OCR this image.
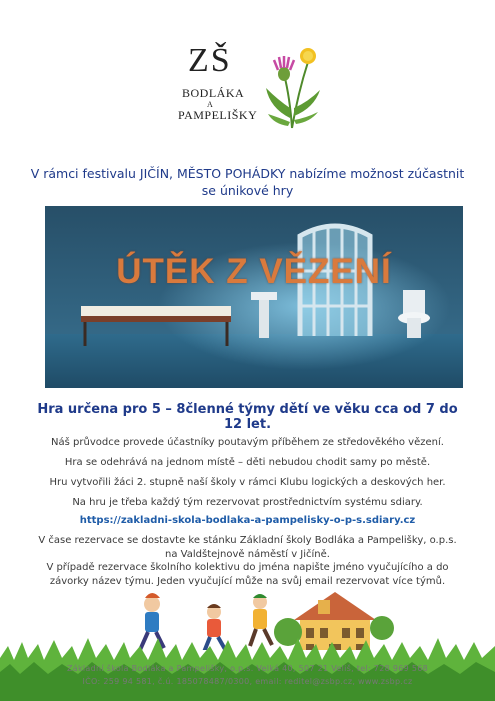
ZŠ
BODLÁKA
A
PAMPELIŠKY
V rámci festivalu JIČÍN, MĚSTO POHÁDKY nabízíme možnost zúčastnit se únikové hry
ÚTĚK Z VĚZENÍ
Hra určena pro 5 – 8členné týmy dětí ve věku cca od 7 do 12 let.
Náš průvodce provede účastníky poutavým příběhem ze středověkého vězení.
Hra se odehrává na jednom místě – děti nebudou chodit samy po městě.
Hru vytvořili žáci 2. stupně naší školy v rámci Klubu logických a deskových her.
Na hru je třeba každý tým rezervovat prostřednictvím systému sdiary.
https://zakladni-skola-bodlaka-a-pampelisky-o-p-s.sdiary.cz
V čase rezervace se dostavte ke stánku Základní školy Bodláka a Pampelišky, o.p.s. na Valdštejnově náměstí v Jičíně.
V případě rezervace školního kolektivu do jména napište jméno vyučujícího a do závorky název týmu. Jeden vyučující může na svůj email rezervovat více týmů.
Základní škola Bodláka a Pampelišky, o.p.s. Velká 40, 507 21 Veliš, tel: 728 969 568
IČO: 259 94 581, č.ú. 185078487/0300, email: reditel@zsbp.cz, www.zsbp.cz
